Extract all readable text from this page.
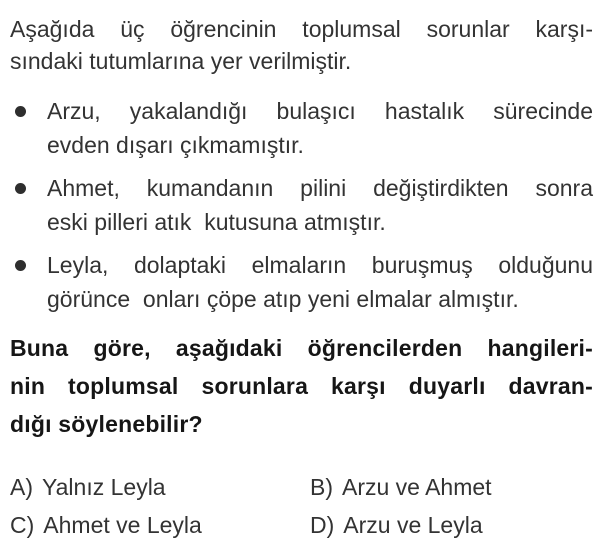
Aşağıda üç öğrencinin toplumsal sorunlar karşı-
sındaki tutumlarına yer verilmiştir.

Arzu, yakalandığı bulaşıcı hastalık sürecinde
evden dışarı çıkmamıştır.
Ahmet, kumandanın pilini değiştirdikten sonra
eski pilleri atık  kutusuna atmıştır.
Leyla, dolaptaki elmaların buruşmuş olduğunu
görünce  onları çöpe atıp yeni elmalar almıştır.

Buna göre, aşağıdaki öğrencilerden hangileri-
nin toplumsal sorunlara karşı duyarlı davran-
dığı söylenebilir?

A) Yalnız Leyla	B) Arzu ve Ahmet
C) Ahmet ve Leyla	D) Arzu ve Leyla
